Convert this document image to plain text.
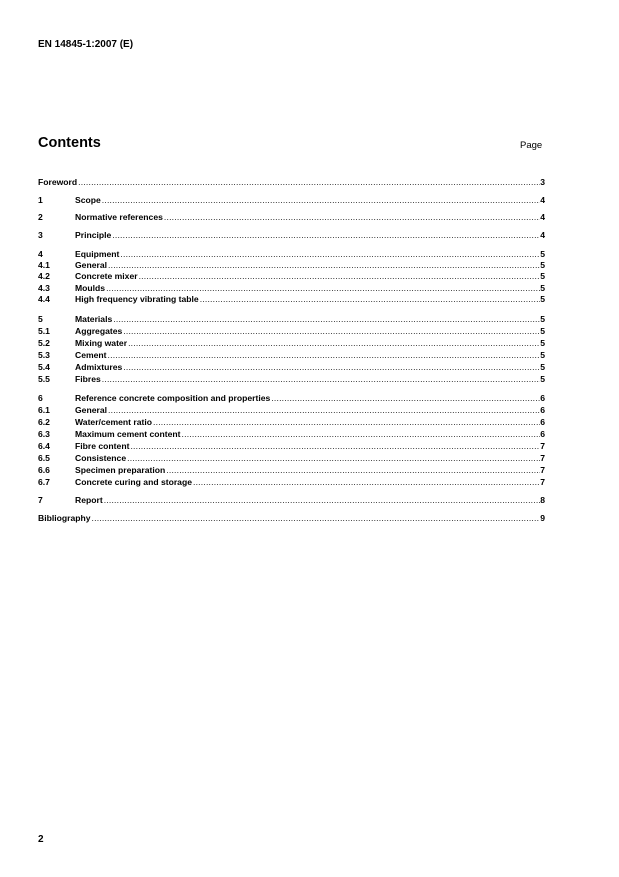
EN 14845-1:2007 (E)
Contents	Page
Foreword .....	3
1	Scope .....	4
2	Normative references .....	4
3	Principle .....	4
4	Equipment .....	5
4.1	General .....	5
4.2	Concrete mixer .....	5
4.3	Moulds .....	5
4.4	High frequency vibrating table .....	5
5	Materials .....	5
5.1	Aggregates .....	5
5.2	Mixing water .....	5
5.3	Cement .....	5
5.4	Admixtures .....	5
5.5	Fibres .....	5
6	Reference concrete composition and properties .....	6
6.1	General .....	6
6.2	Water/cement ratio .....	6
6.3	Maximum cement content .....	6
6.4	Fibre content .....	7
6.5	Consistence .....	7
6.6	Specimen preparation .....	7
6.7	Concrete curing and storage .....	7
7	Report .....	8
Bibliography .....	9
2
